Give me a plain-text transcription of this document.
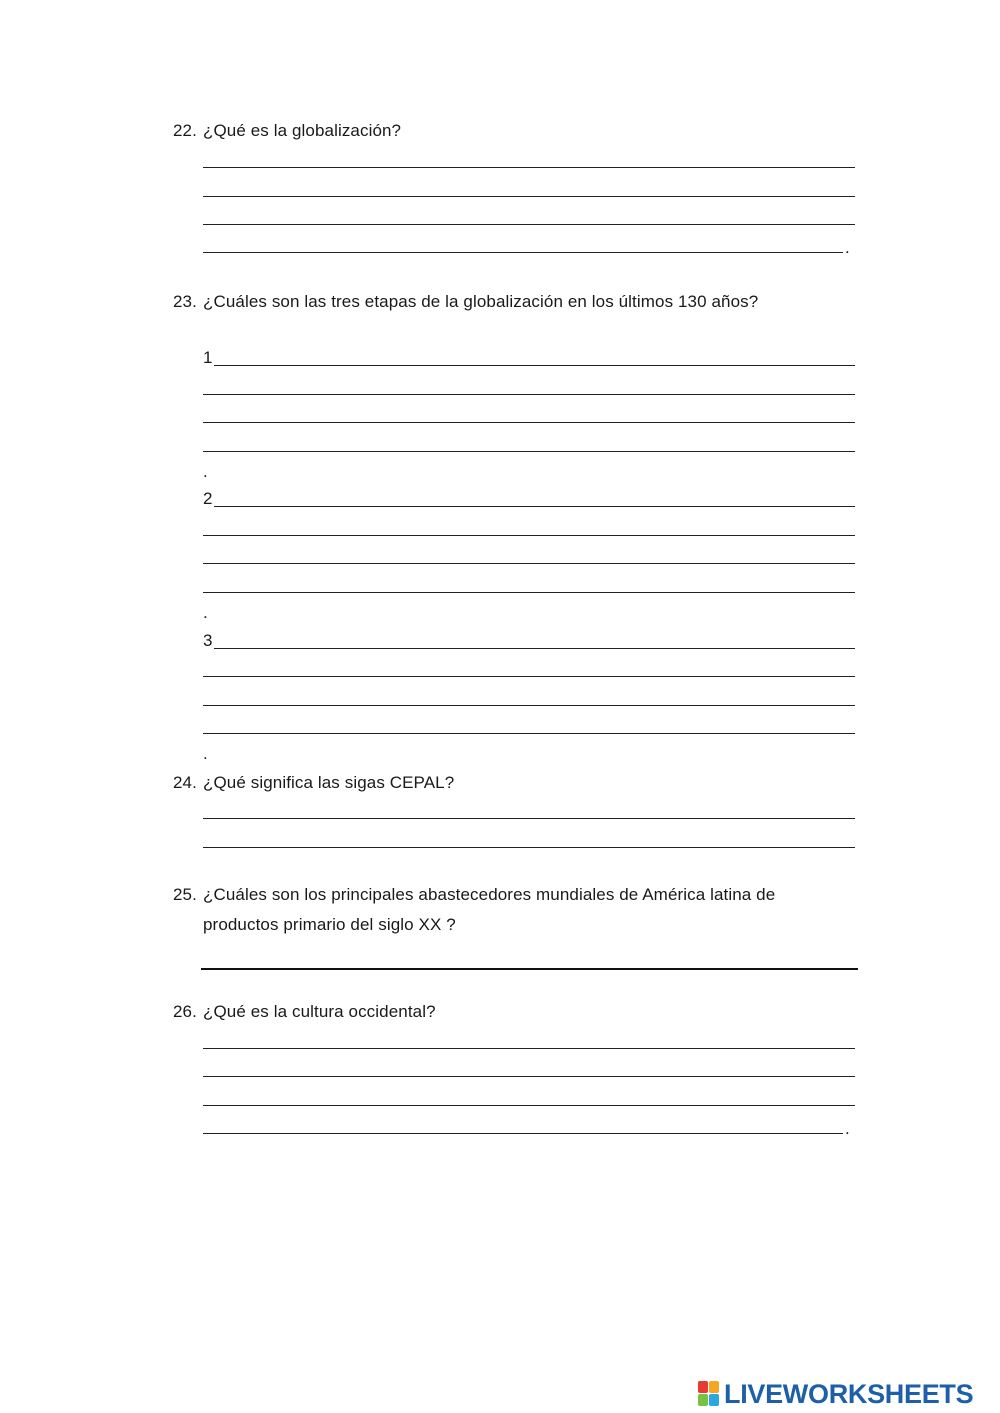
22. ¿Qué es la globalización?
.
23. ¿Cuáles son las tres etapas de la globalización en los últimos 130 años?
1
.
2
.
3
.
24. ¿Qué significa las sigas CEPAL?
25. ¿Cuáles son los principales abastecedores mundiales de América latina de
productos primario del siglo XX ?
26. ¿Qué es la cultura occidental?
.
LIVEWORKSHEETS
